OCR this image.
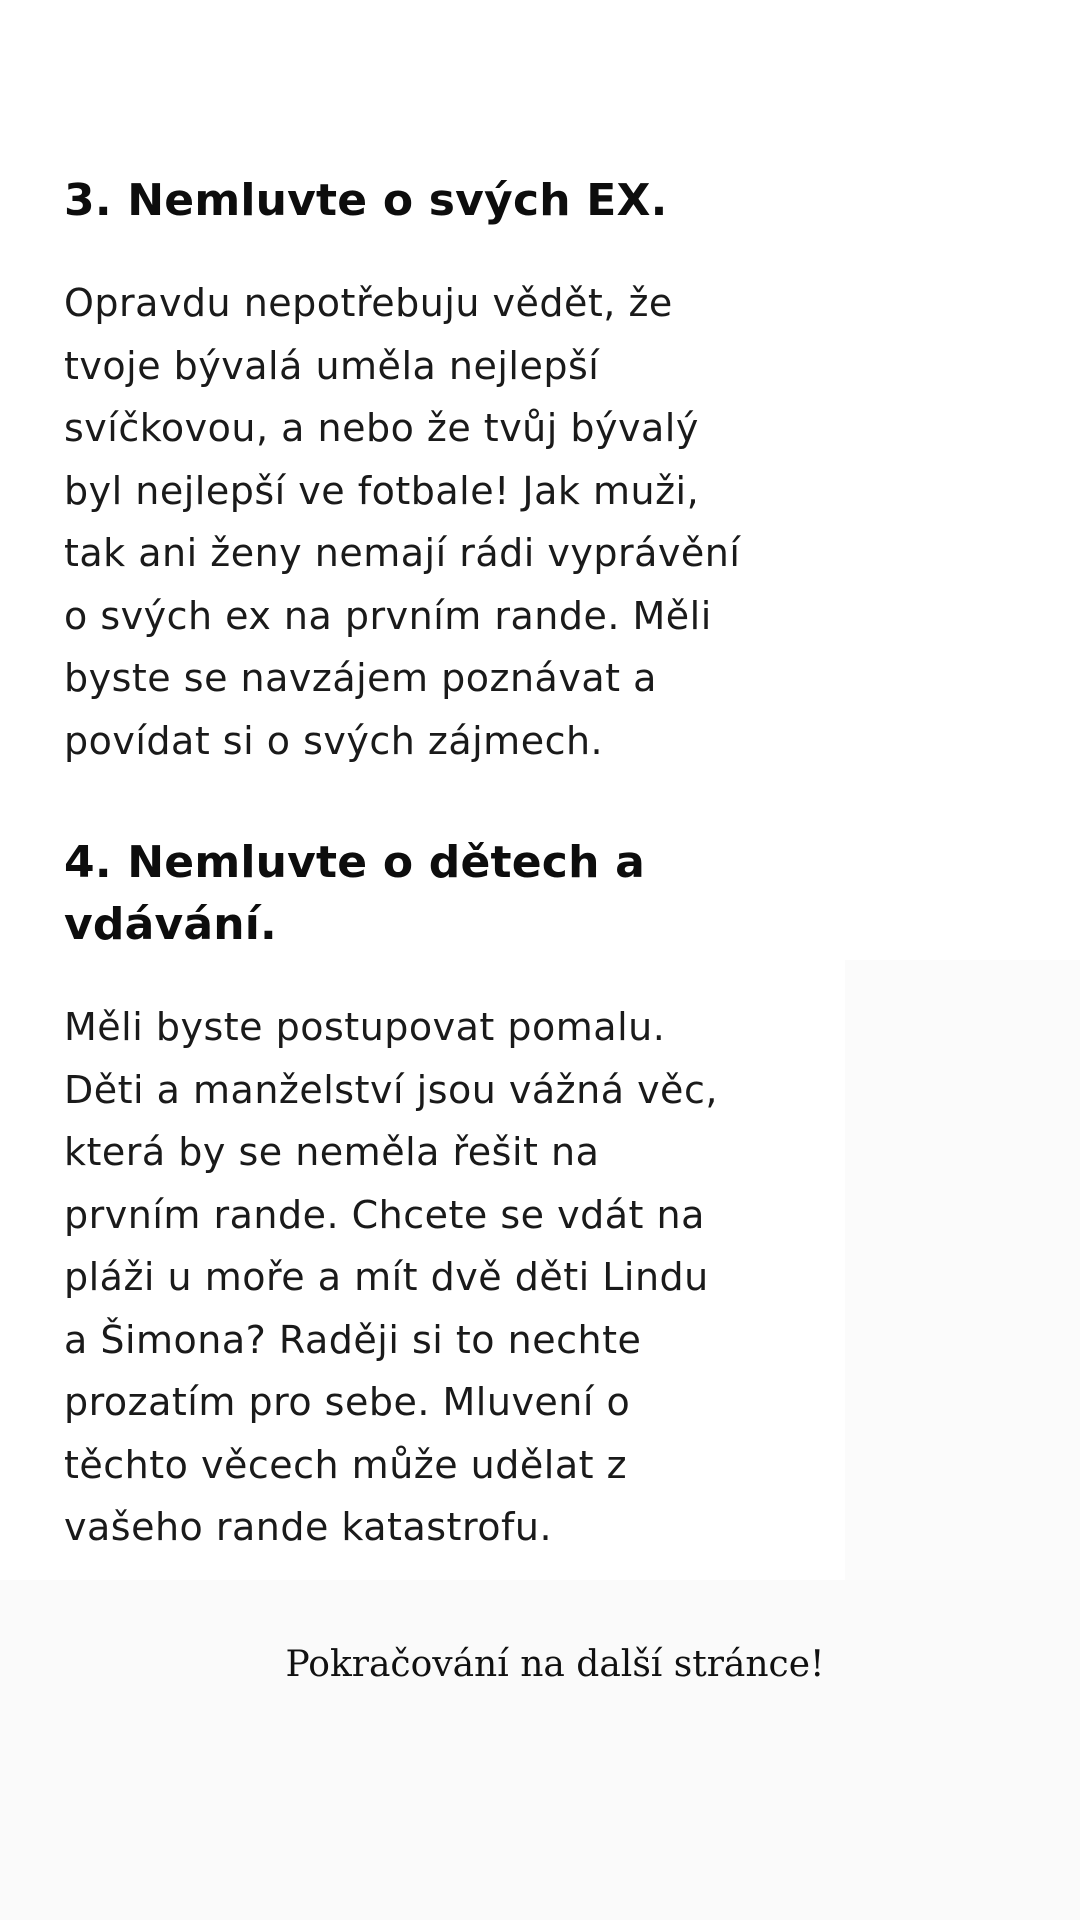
3. Nemluvte o svých EX.

Opravdu nepotřebuju vědět, že
tvoje bývalá uměla nejlepší
svíčkovou, a nebo že tvůj bývalý
byl nejlepší ve fotbale! Jak muži,
tak ani ženy nemají rádi vyprávění
o svých ex na prvním rande. Měli
byste se navzájem poznávat a
povídat si o svých zájmech.

4. Nemluvte o dětech a
vdávání.

Měli byste postupovat pomalu.
Děti a manželství jsou vážná věc,
která by se neměla řešit na
prvním rande. Chcete se vdát na
pláži u moře a mít dvě děti Lindu
a Šimona? Raději si to nechte
prozatím pro sebe. Mluvení o
těchto věcech může udělat z
vašeho rande katastrofu.

Pokračování na další stránce!
